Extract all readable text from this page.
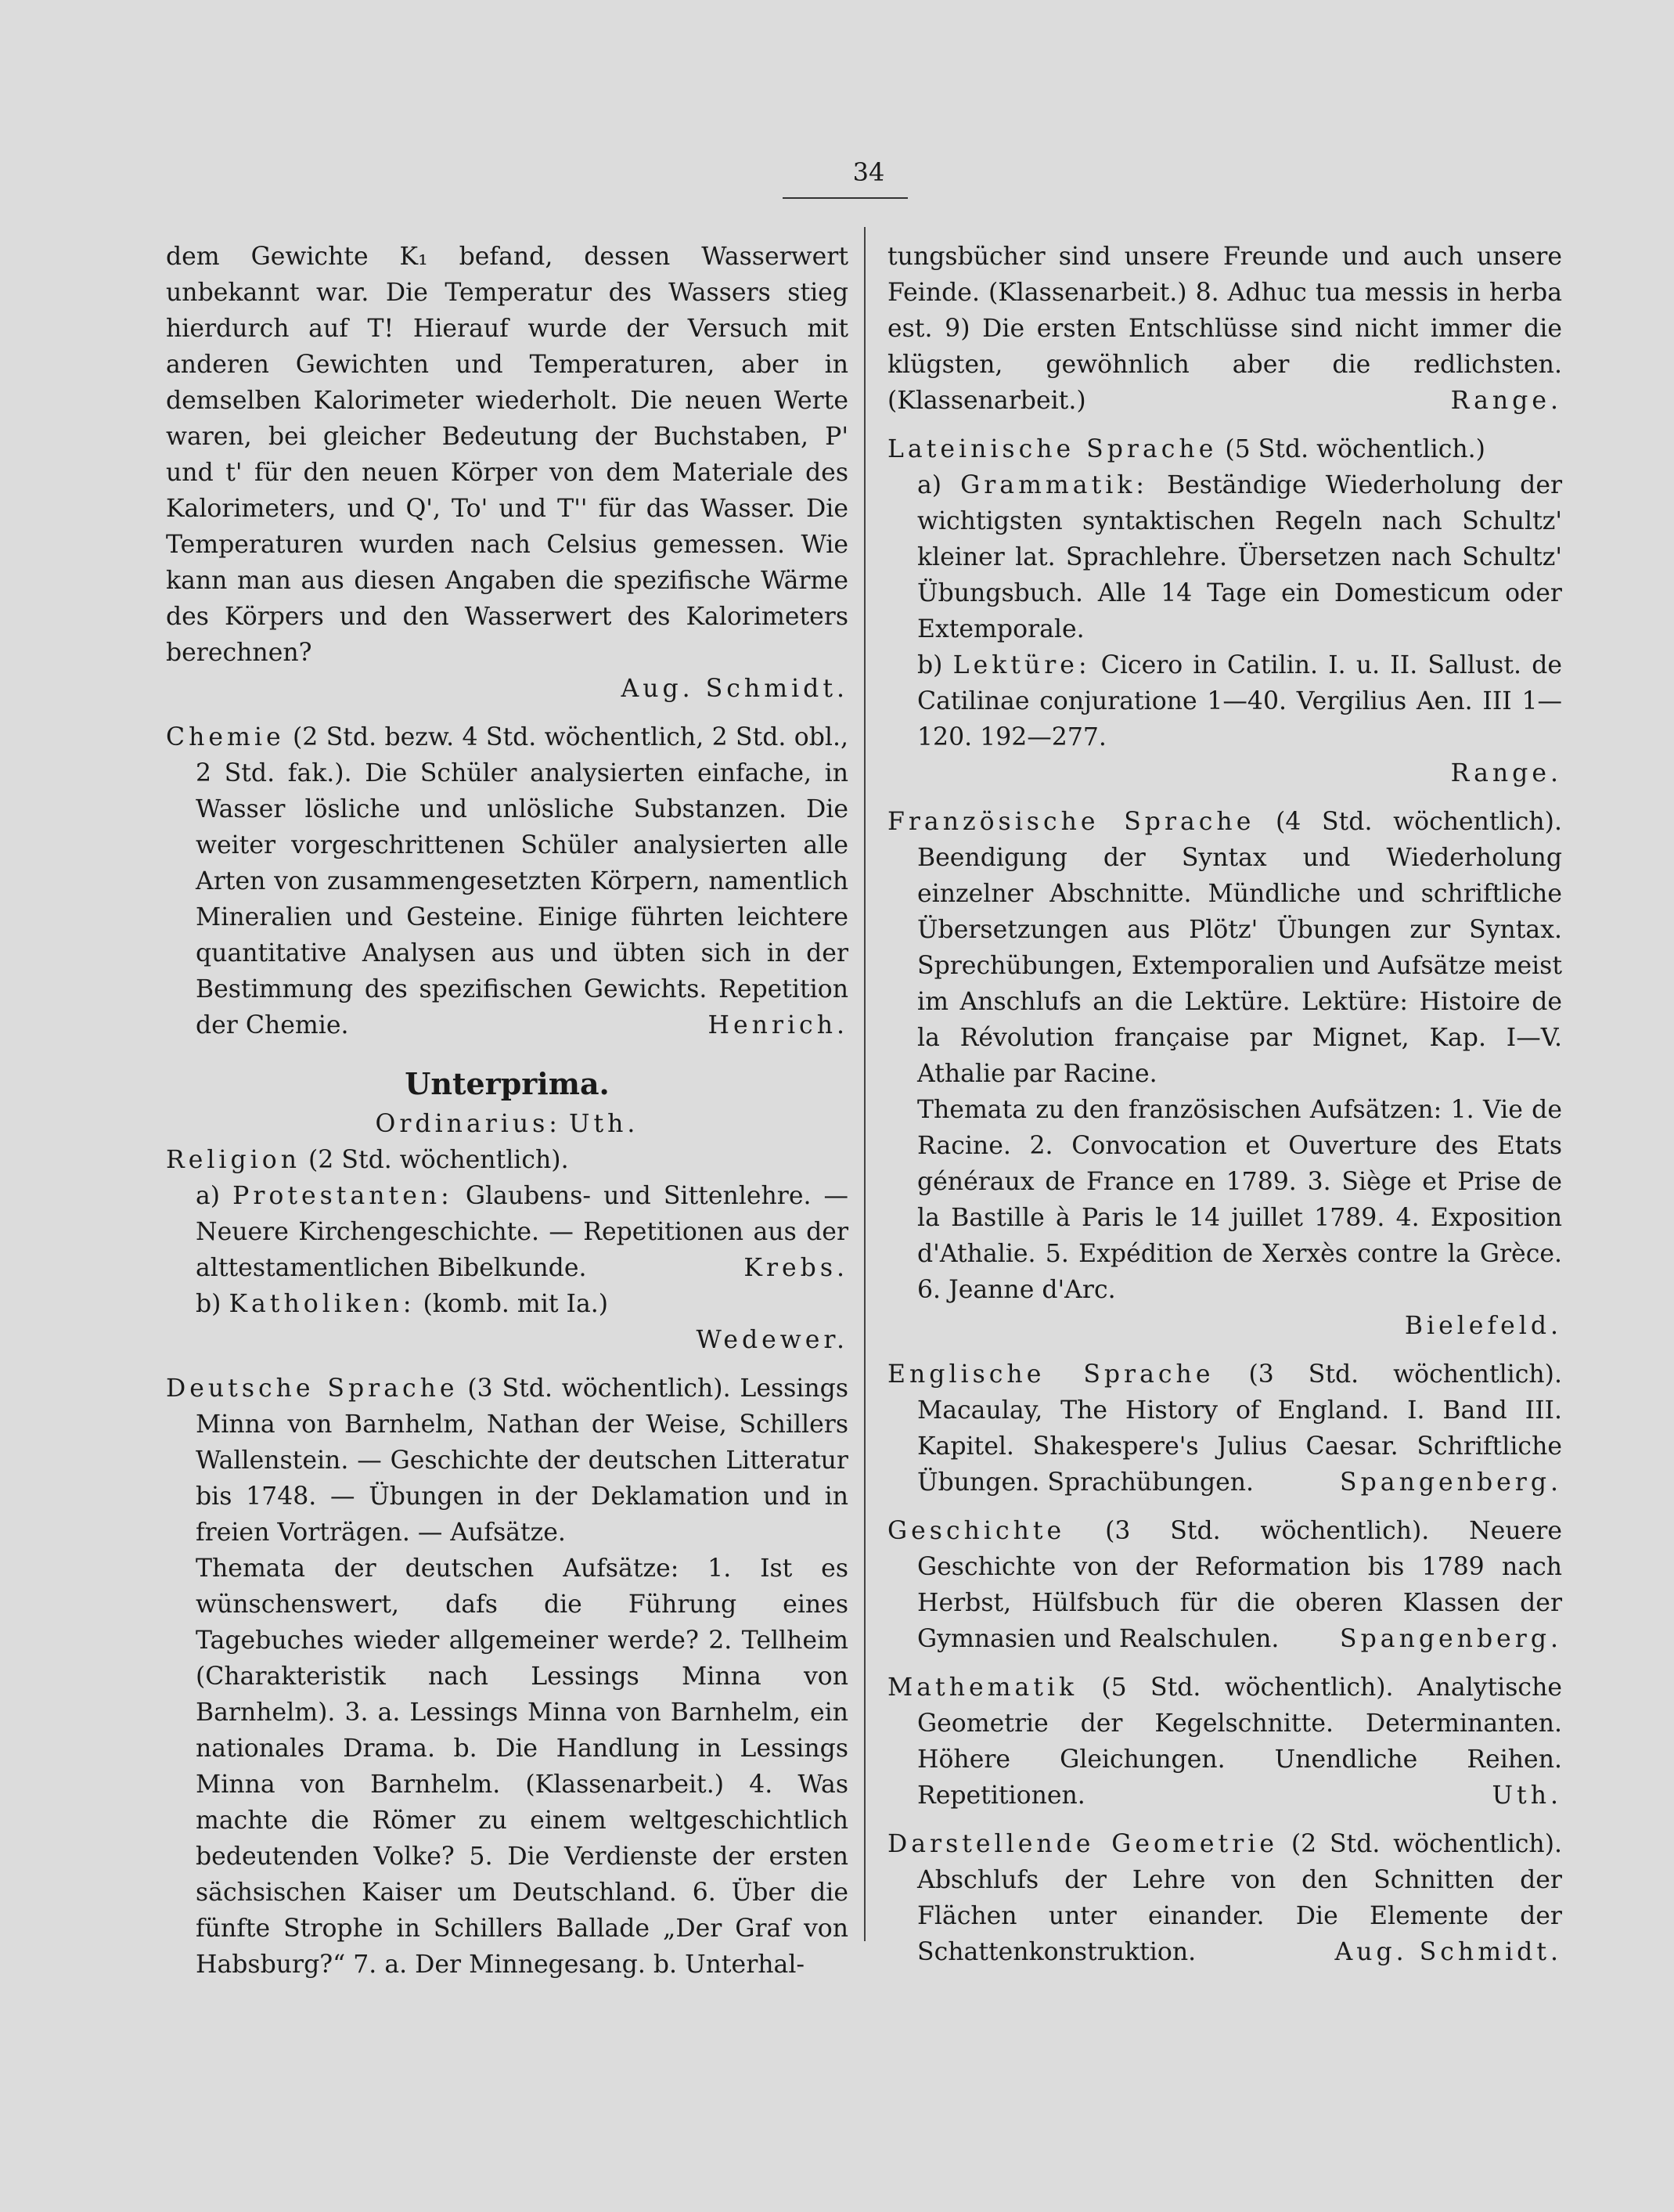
34

dem Gewichte K₁ befand, dessen Wasserwert unbekannt war. Die Temperatur des Wassers stieg hierdurch auf T! Hierauf wurde der Versuch mit anderen Gewichten und Temperaturen, aber in demselben Kalorimeter wiederholt. Die neuen Werte waren, bei gleicher Bedeutung der Buchstaben, P' und t' für den neuen Körper von dem Materiale des Kalorimeters, und Q', To' und T'' für das Wasser. Die Temperaturen wurden nach Celsius gemessen. Wie kann man aus diesen Angaben die spezifische Wärme des Körpers und den Wasserwert des Kalorimeters berechnen?

Aug. Schmidt.

Chemie (2 Std. bezw. 4 Std. wöchentlich, 2 Std. obl., 2 Std. fak.). Die Schüler analysierten einfache, in Wasser lösliche und unlösliche Substanzen. Die weiter vorgeschrittenen Schüler analysierten alle Arten von zusammengesetzten Körpern, namentlich Mineralien und Gesteine. Einige führten leichtere quantitative Analysen aus und übten sich in der Bestimmung des spezifischen Gewichts. Repetition der Chemie.	Henrich.

Unterprima.
Ordinarius: Uth.

Religion (2 Std. wöchentlich).

a) Protestanten: Glaubens- und Sittenlehre. — Neuere Kirchengeschichte. — Repetitionen aus der alttestamentlichen Bibelkunde.	Krebs.

b) Katholiken: (komb. mit Ia.)

Wedewer.

Deutsche Sprache (3 Std. wöchentlich). Lessings Minna von Barnhelm, Nathan der Weise, Schillers Wallenstein. — Geschichte der deutschen Litteratur bis 1748. — Übungen in der Deklamation und in freien Vorträgen. — Aufsätze.

Themata der deutschen Aufsätze: 1. Ist es wünschenswert, dafs die Führung eines Tagebuches wieder allgemeiner werde? 2. Tellheim (Charakteristik nach Lessings Minna von Barnhelm). 3. a. Lessings Minna von Barnhelm, ein nationales Drama. b. Die Handlung in Lessings Minna von Barnhelm. (Klassenarbeit.) 4. Was machte die Römer zu einem weltgeschichtlich bedeutenden Volke? 5. Die Verdienste der ersten sächsischen Kaiser um Deutschland. 6. Über die fünfte Strophe in Schillers Ballade „Der Graf von Habsburg?“ 7. a. Der Minnegesang. b. Unterhal-

tungsbücher sind unsere Freunde und auch unsere Feinde. (Klassenarbeit.) 8. Adhuc tua messis in herba est. 9) Die ersten Entschlüsse sind nicht immer die klügsten, gewöhnlich aber die redlichsten. (Klassenarbeit.)	Range.

Lateinische Sprache (5 Std. wöchentlich.)

a) Grammatik: Beständige Wiederholung der wichtigsten syntaktischen Regeln nach Schultz' kleiner lat. Sprachlehre. Übersetzen nach Schultz' Übungsbuch. Alle 14 Tage ein Domesticum oder Extemporale.

b) Lektüre: Cicero in Catilin. I. u. II. Sallust. de Catilinae conjuratione 1—40. Vergilius Aen. III 1—120. 192—277.

Range.

Französische Sprache (4 Std. wöchentlich). Beendigung der Syntax und Wiederholung einzelner Abschnitte. Mündliche und schriftliche Übersetzungen aus Plötz' Übungen zur Syntax. Sprechübungen, Extemporalien und Aufsätze meist im Anschlufs an die Lektüre. Lektüre: Histoire de la Révolution française par Mignet, Kap. I—V. Athalie par Racine.

Themata zu den französischen Aufsätzen: 1. Vie de Racine. 2. Convocation et Ouverture des Etats généraux de France en 1789. 3. Siège et Prise de la Bastille à Paris le 14 juillet 1789. 4. Exposition d'Athalie. 5. Expédition de Xerxès contre la Grèce. 6. Jeanne d'Arc.

Bielefeld.

Englische Sprache (3 Std. wöchentlich). Macaulay, The History of England. I. Band III. Kapitel. Shakespere's Julius Caesar. Schriftliche Übungen. Sprachübungen.	Spangenberg.

Geschichte (3 Std. wöchentlich). Neuere Geschichte von der Reformation bis 1789 nach Herbst, Hülfsbuch für die oberen Klassen der Gymnasien und Realschulen. Spangenberg.

Mathematik (5 Std. wöchentlich). Analytische Geometrie der Kegelschnitte. Determinanten. Höhere Gleichungen. Unendliche Reihen. Repetitionen.	Uth.

Darstellende Geometrie (2 Std. wöchentlich). Abschlufs der Lehre von den Schnitten der Flächen unter einander. Die Elemente der Schattenkonstruktion.	Aug. Schmidt.
